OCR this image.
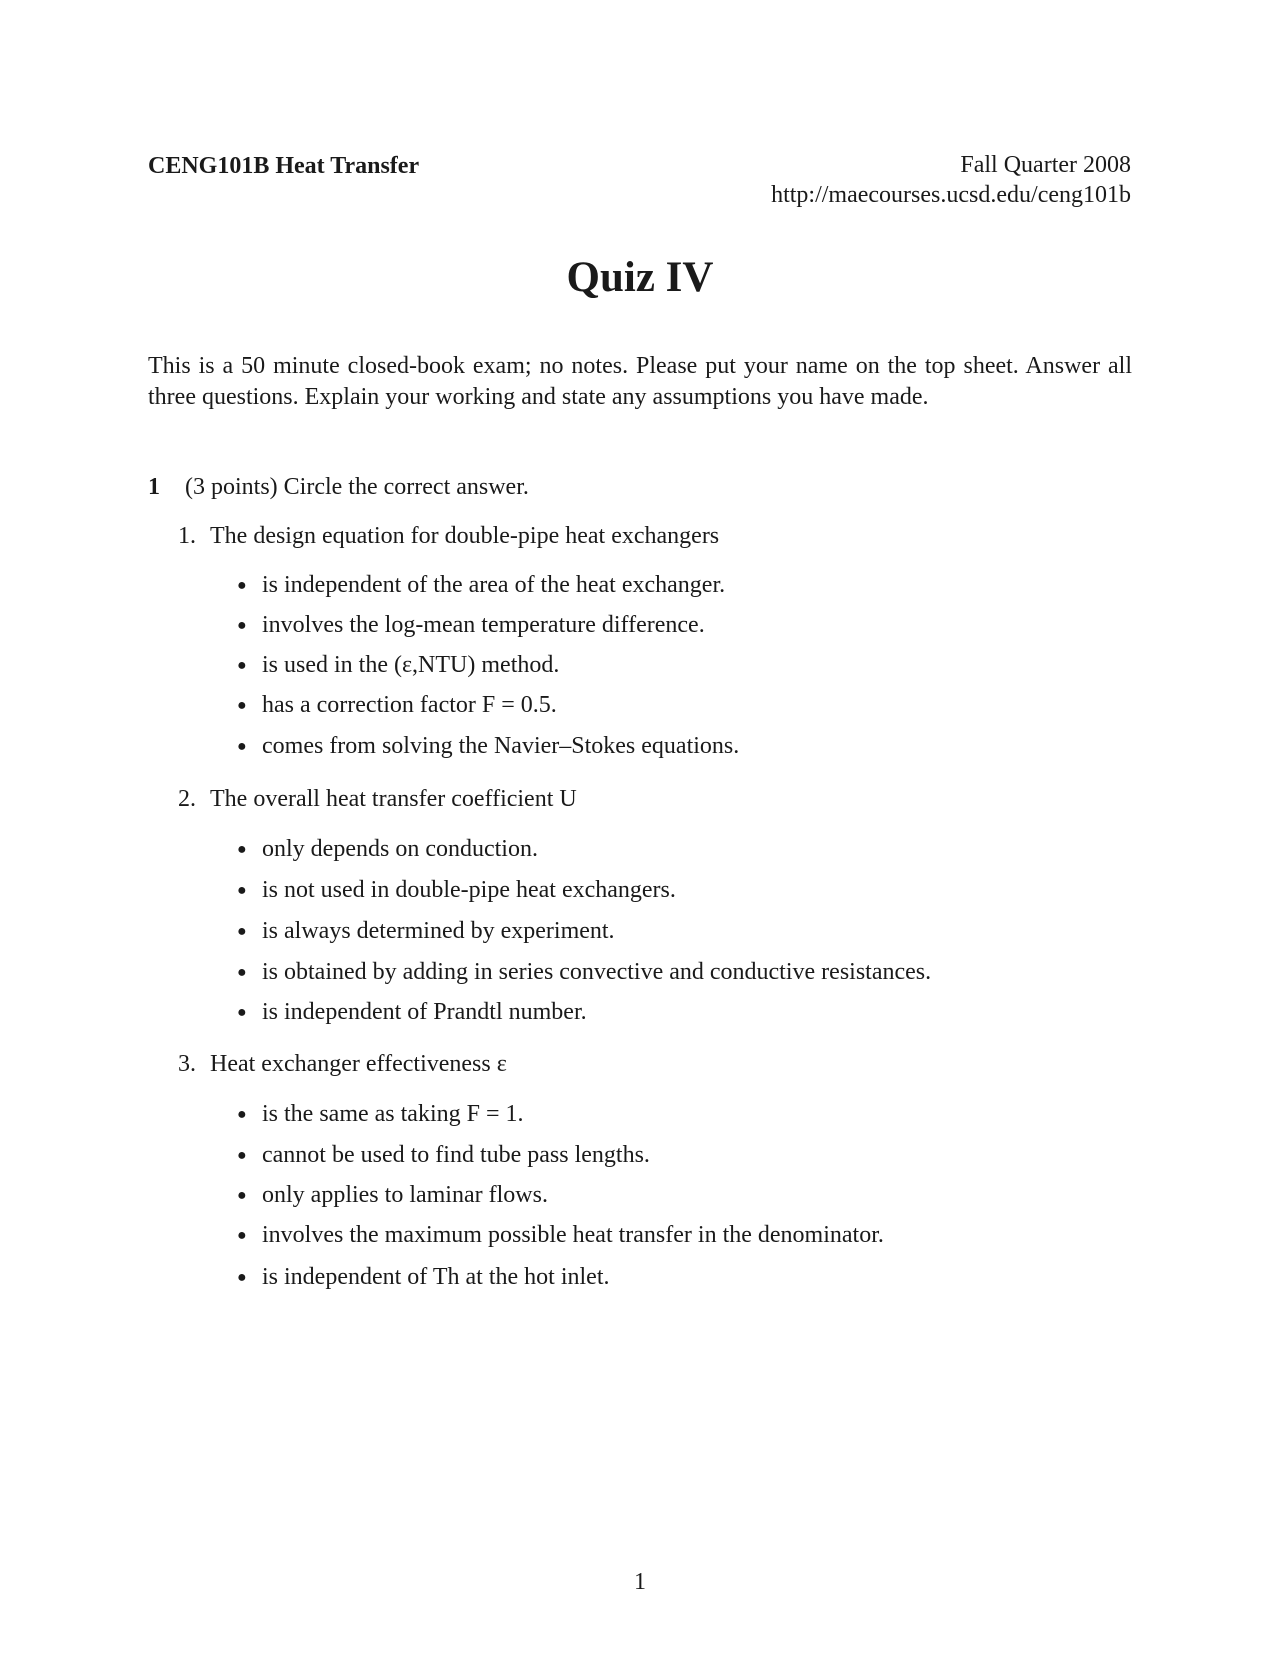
CENG101B Heat Transfer	Fall Quarter 2008
http://maecourses.ucsd.edu/ceng101b
Quiz IV
This is a 50 minute closed-book exam; no notes. Please put your name on the top sheet. Answer all three questions. Explain your working and state any assumptions you have made.
1 (3 points) Circle the correct answer.
1. The design equation for double-pipe heat exchangers
● is independent of the area of the heat exchanger.
● involves the log-mean temperature difference.
● is used in the (ε,NTU) method.
● has a correction factor F = 0.5.
● comes from solving the Navier–Stokes equations.
2. The overall heat transfer coefficient U
● only depends on conduction.
● is not used in double-pipe heat exchangers.
● is always determined by experiment.
● is obtained by adding in series convective and conductive resistances.
● is independent of Prandtl number.
3. Heat exchanger effectiveness ε
● is the same as taking F = 1.
● cannot be used to find tube pass lengths.
● only applies to laminar flows.
● involves the maximum possible heat transfer in the denominator.
● is independent of Th at the hot inlet.
1
